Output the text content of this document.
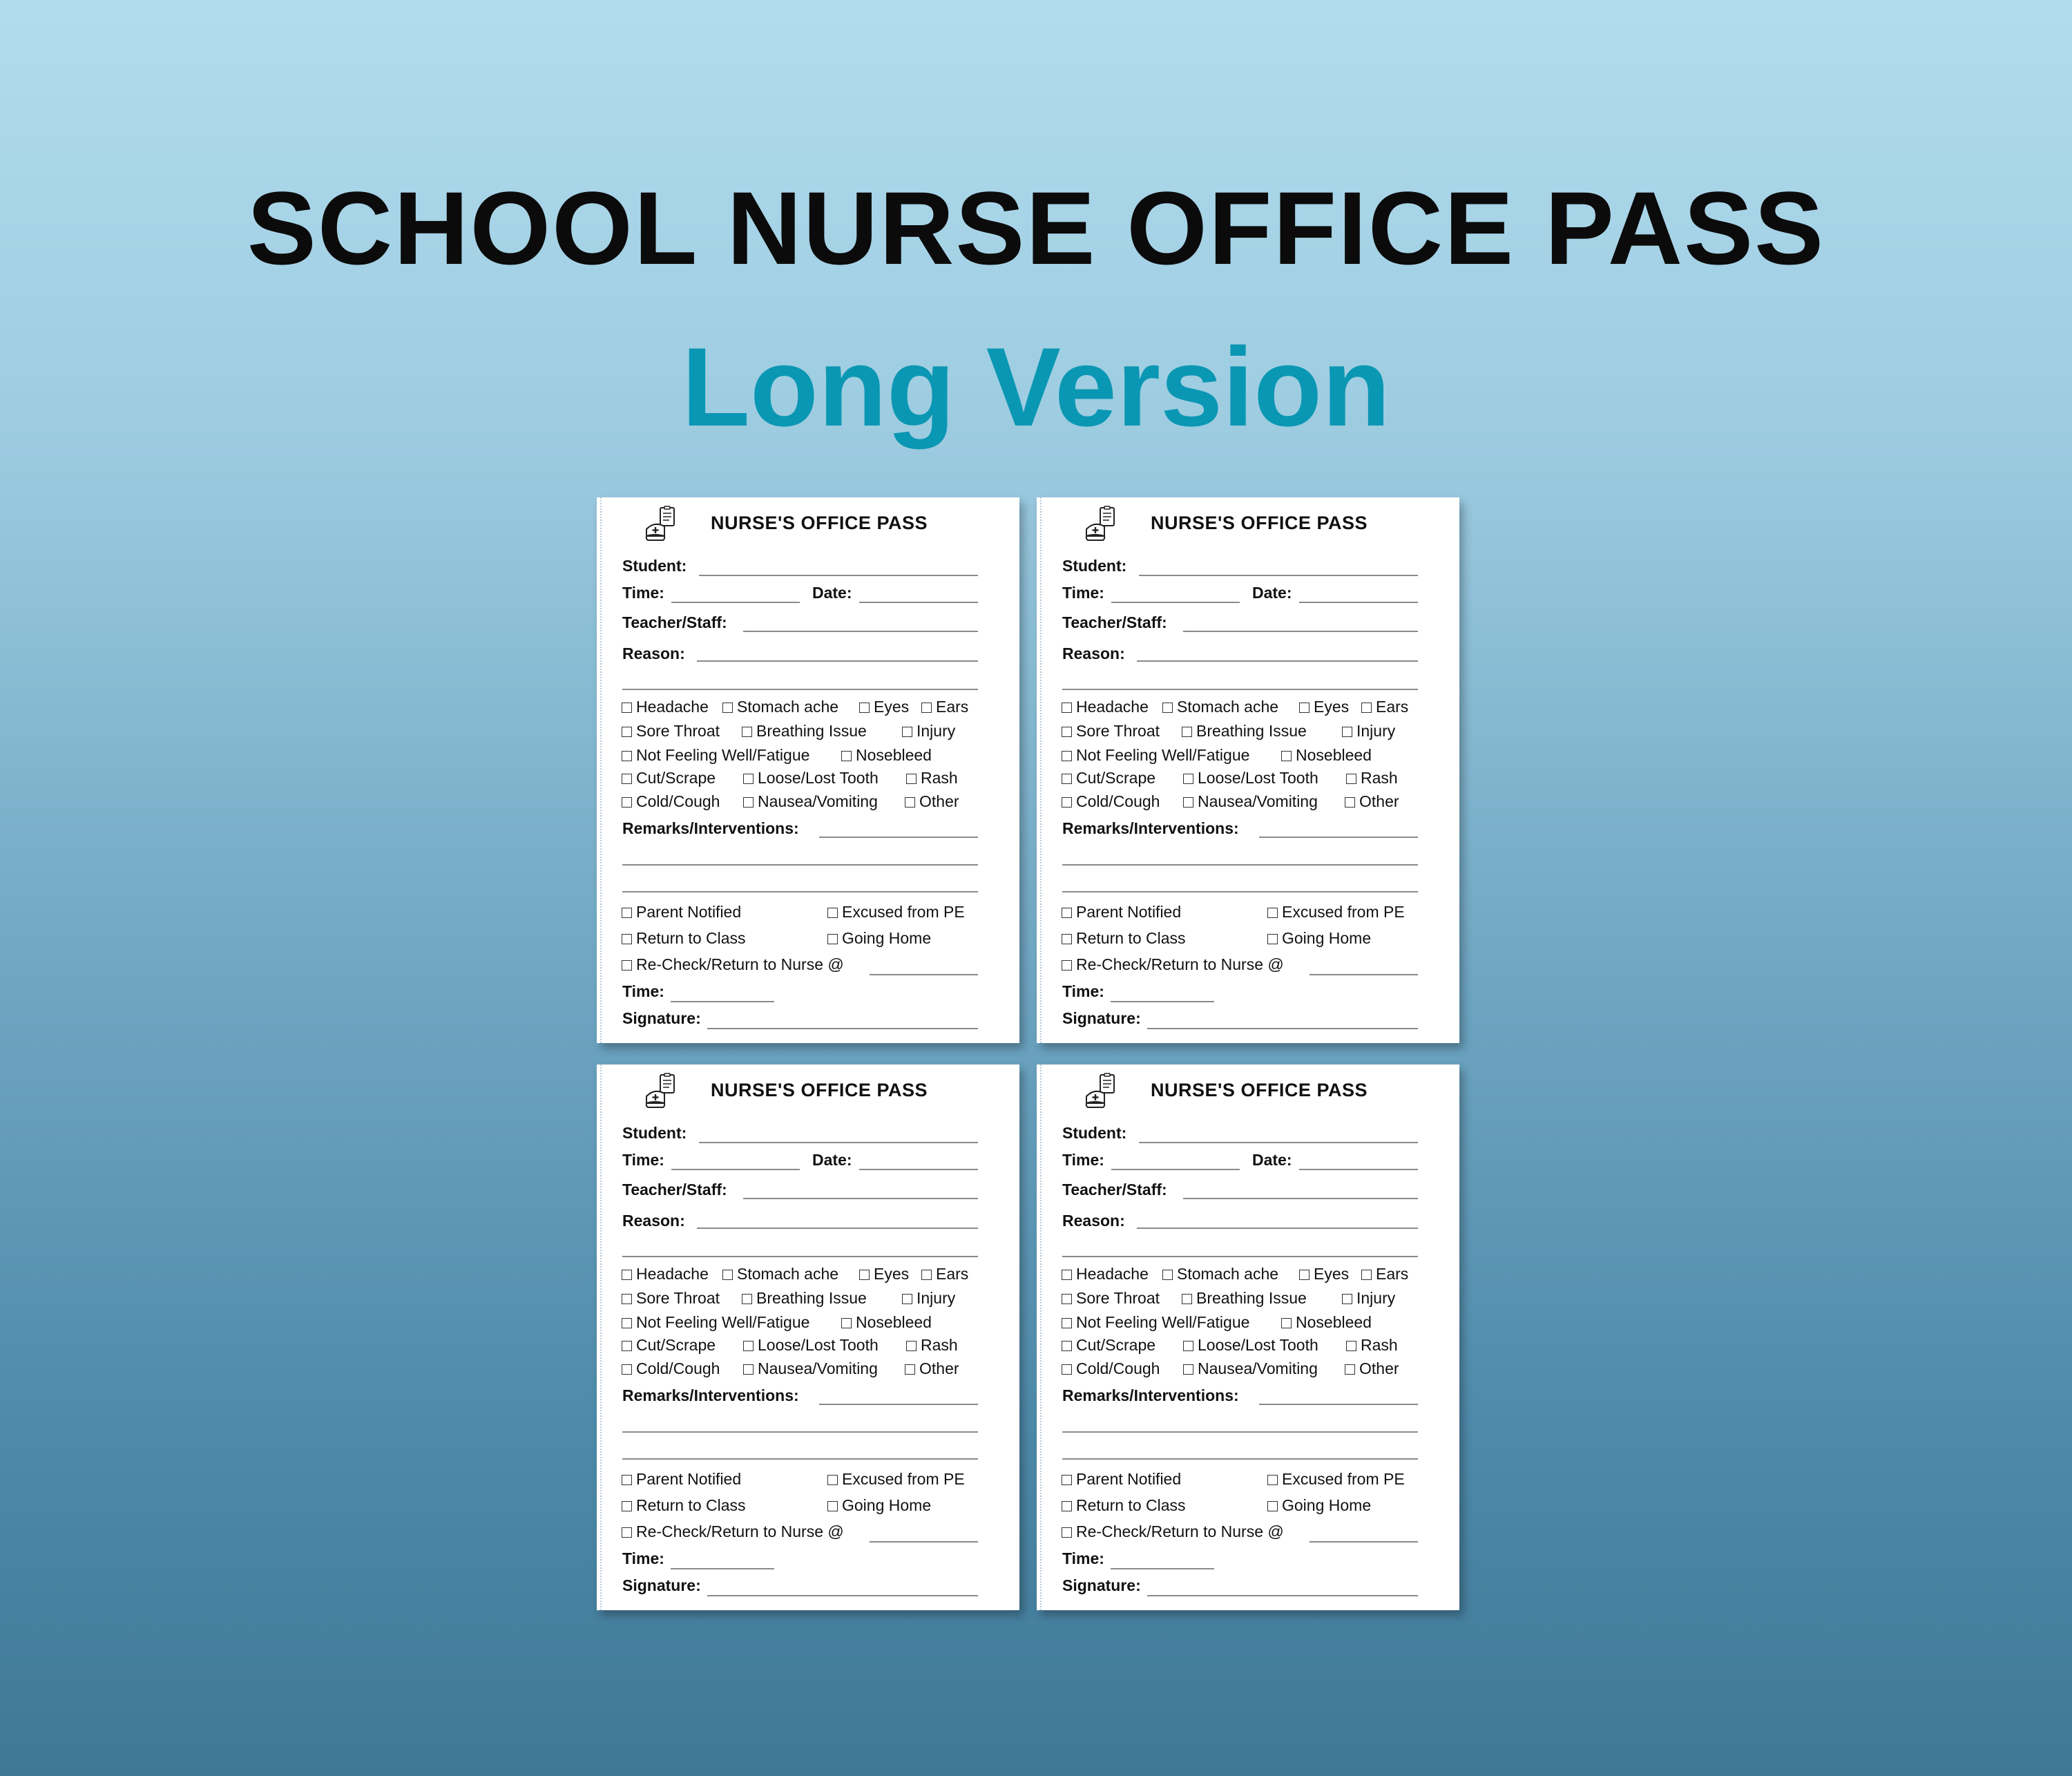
SCHOOL NURSE OFFICE PASS
Long Version
NURSE'S OFFICE PASS
Student:
Time:	Date:
Teacher/Staff:
Reason:
Headache	Stomach ache	Eyes	Ears
Sore Throat	Breathing Issue	Injury
Not Feeling Well/Fatigue	Nosebleed
Cut/Scrape	Loose/Lost Tooth	Rash
Cold/Cough	Nausea/Vomiting	Other
Remarks/Interventions:
Parent Notified	Excused from PE
Return to Class	Going Home
Re-Check/Return to Nurse @
Time:
Signature:
NURSE'S OFFICE PASS
Student:
Time:	Date:
Teacher/Staff:
Reason:
Headache	Stomach ache	Eyes	Ears
Sore Throat	Breathing Issue	Injury
Not Feeling Well/Fatigue	Nosebleed
Cut/Scrape	Loose/Lost Tooth	Rash
Cold/Cough	Nausea/Vomiting	Other
Remarks/Interventions:
Parent Notified	Excused from PE
Return to Class	Going Home
Re-Check/Return to Nurse @
Time:
Signature:
NURSE'S OFFICE PASS
Student:
Time:	Date:
Teacher/Staff:
Reason:
Headache	Stomach ache	Eyes	Ears
Sore Throat	Breathing Issue	Injury
Not Feeling Well/Fatigue	Nosebleed
Cut/Scrape	Loose/Lost Tooth	Rash
Cold/Cough	Nausea/Vomiting	Other
Remarks/Interventions:
Parent Notified	Excused from PE
Return to Class	Going Home
Re-Check/Return to Nurse @
Time:
Signature:
NURSE'S OFFICE PASS
Student:
Time:	Date:
Teacher/Staff:
Reason:
Headache	Stomach ache	Eyes	Ears
Sore Throat	Breathing Issue	Injury
Not Feeling Well/Fatigue	Nosebleed
Cut/Scrape	Loose/Lost Tooth	Rash
Cold/Cough	Nausea/Vomiting	Other
Remarks/Interventions:
Parent Notified	Excused from PE
Return to Class	Going Home
Re-Check/Return to Nurse @
Time:
Signature:
